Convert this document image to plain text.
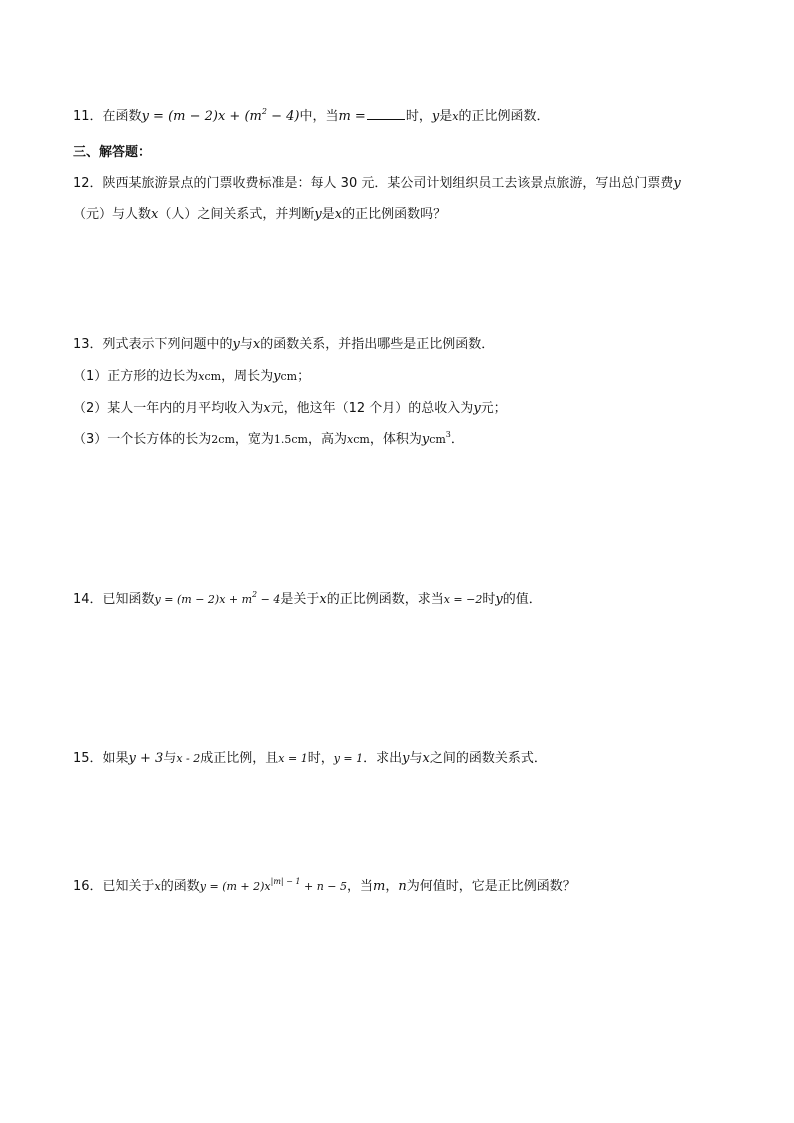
11．在函数$y = (m - 2)x + (m^2 - 4)$中，当m =	时，y是x的正比例函数．
三、解答题：
12．陕西某旅游景点的门票收费标准是：每人 30 元．某公司计划组织员工去该景点旅游，写出总门票费y
（元）与人数x（人）之间关系式，并判断y是x的正比例函数吗？
13．列式表示下列问题中的y与x的函数关系，并指出哪些是正比例函数．
（1）正方形的边长为xcm，周长为ycm；
（2）某人一年内的月平均收入为x元，他这年（12 个月）的总收入为y元；
（3）一个长方体的长为2cm，宽为1.5cm，高为xcm，体积为ycm$^3$．
14．已知函数$y = (m - 2)x + m^2 - 4$是关于x的正比例函数，求当x = −2时y的值．
15．如果y + 3与x - 2成正比例，且x = 1时，y = 1．求出y与x之间的函数关系式．
16．已知关于x的函数$y = (m + 2)x^{|m| - 1} + n - 5$，当m，n为何值时，它是正比例函数？
